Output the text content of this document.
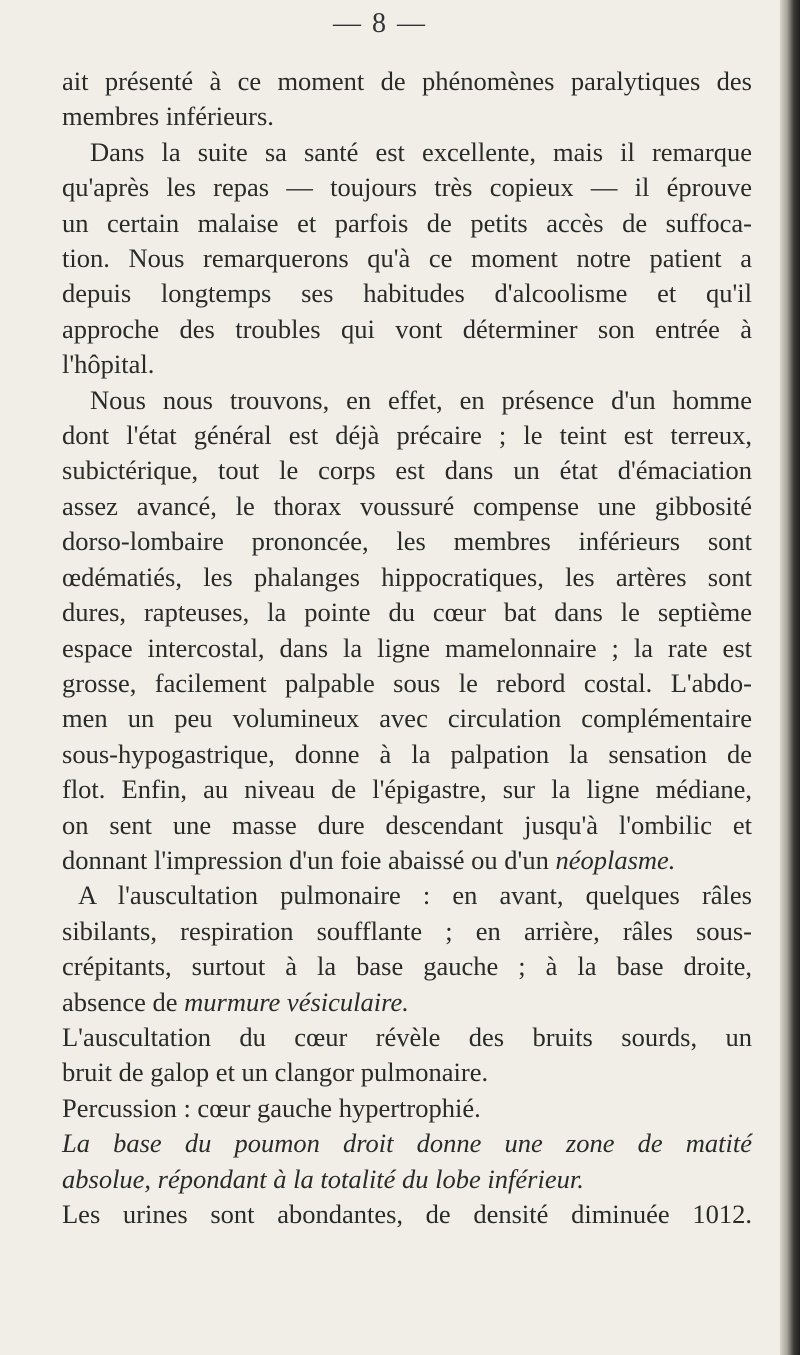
— 8 —
ait présenté à ce moment de phénomènes paralytiques des
membres inférieurs.
Dans la suite sa santé est excellente, mais il remarque
qu'après les repas — toujours très copieux — il éprouve
un certain malaise et parfois de petits accès de suffoca-
tion. Nous remarquerons qu'à ce moment notre patient a
depuis longtemps ses habitudes d'alcoolisme et qu'il
approche des troubles qui vont déterminer son entrée à
l'hôpital.
Nous nous trouvons, en effet, en présence d'un homme
dont l'état général est déjà précaire ; le teint est terreux,
subictérique, tout le corps est dans un état d'émaciation
assez avancé, le thorax voussuré compense une gibbosité
dorso-lombaire prononcée, les membres inférieurs sont
œdématiés, les phalanges hippocratiques, les artères sont
dures, rapteuses, la pointe du cœur bat dans le septième
espace intercostal, dans la ligne mamelonnaire ; la rate est
grosse, facilement palpable sous le rebord costal. L'abdo-
men un peu volumineux avec circulation complémentaire
sous-hypogastrique, donne à la palpation la sensation de
flot. Enfin, au niveau de l'épigastre, sur la ligne médiane,
on sent une masse dure descendant jusqu'à l'ombilic et
donnant l'impression d'un foie abaissé ou d'un néoplasme.
A l'auscultation pulmonaire : en avant, quelques râles
sibilants, respiration soufflante ; en arrière, râles sous-
crépitants, surtout à la base gauche ; à la base droite,
absence de murmure vésiculaire.
L'auscultation du cœur révèle des bruits sourds, un
bruit de galop et un clangor pulmonaire.
Percussion : cœur gauche hypertrophié.
La base du poumon droit donne une zone de matité
absolue, répondant à la totalité du lobe inférieur.
Les urines sont abondantes, de densité diminuée 1012.
